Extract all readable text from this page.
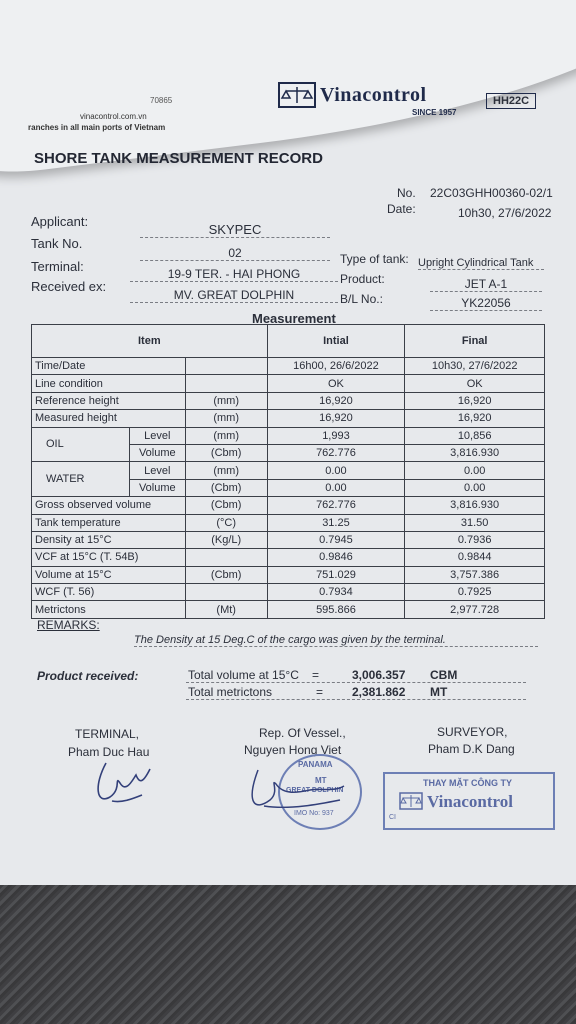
70865
vinacontrol.com.vn
ranches in all main ports of Vietnam
Vinacontrol
SINCE 1957
HH22C
SHORE TANK MEASUREMENT RECORD
No. 22C03GHH00360-02/1
Date:	10h30, 27/6/2022
Applicant:
SKYPEC
Tank No.
02
Terminal:	19-9 TER. - HAI PHONG
Received ex:
MV. GREAT DOLPHIN
Type of tank: Upright Cylindrical Tank
Product:	JET A-1
B/L No.:	YK22056
Measurement
Item			Intial	Final
Time/Date			16h00, 26/6/2022	10h30, 27/6/2022
Line condition			OK	OK
Reference height		(mm)	16,920	16,920
Measured height		(mm)	16,920	16,920
OIL	Level	(mm)	1,993	10,856
	Volume	(Cbm)	762.776	3,816.930
WATER	Level	(mm)	0.00	0.00
	Volume	(Cbm)	0.00	0.00
Gross observed volume		(Cbm)	762.776	3,816.930
Tank temperature		(°C)	31.25	31.50
Density at 15°C		(Kg/L)	0.7945	0.7936
VCF at 15°C (T. 54B)			0.9846	0.9844
Volume at 15°C		(Cbm)	751.029	3,757.386
WCF (T. 56)			0.7934	0.7925
Metrictons		(Mt)	595.866	2,977.728
REMARKS:
The Density at 15 Deg.C of the cargo was given by the terminal.
Product received:	Total volume at 15°C =	3,006.357 CBM
Total metrictons	= 2,381.862 MT
TERMINAL,
Pham Duc Hau
Rep. Of Vessel.,
Nguyen Hong Viet
SURVEYOR,
Pham D.K Dang
PANAMA
MT
GREAT DOLPHIN
IMO No: 937
THAY MẶT CÔNG TY
Vinacontrol
CI
